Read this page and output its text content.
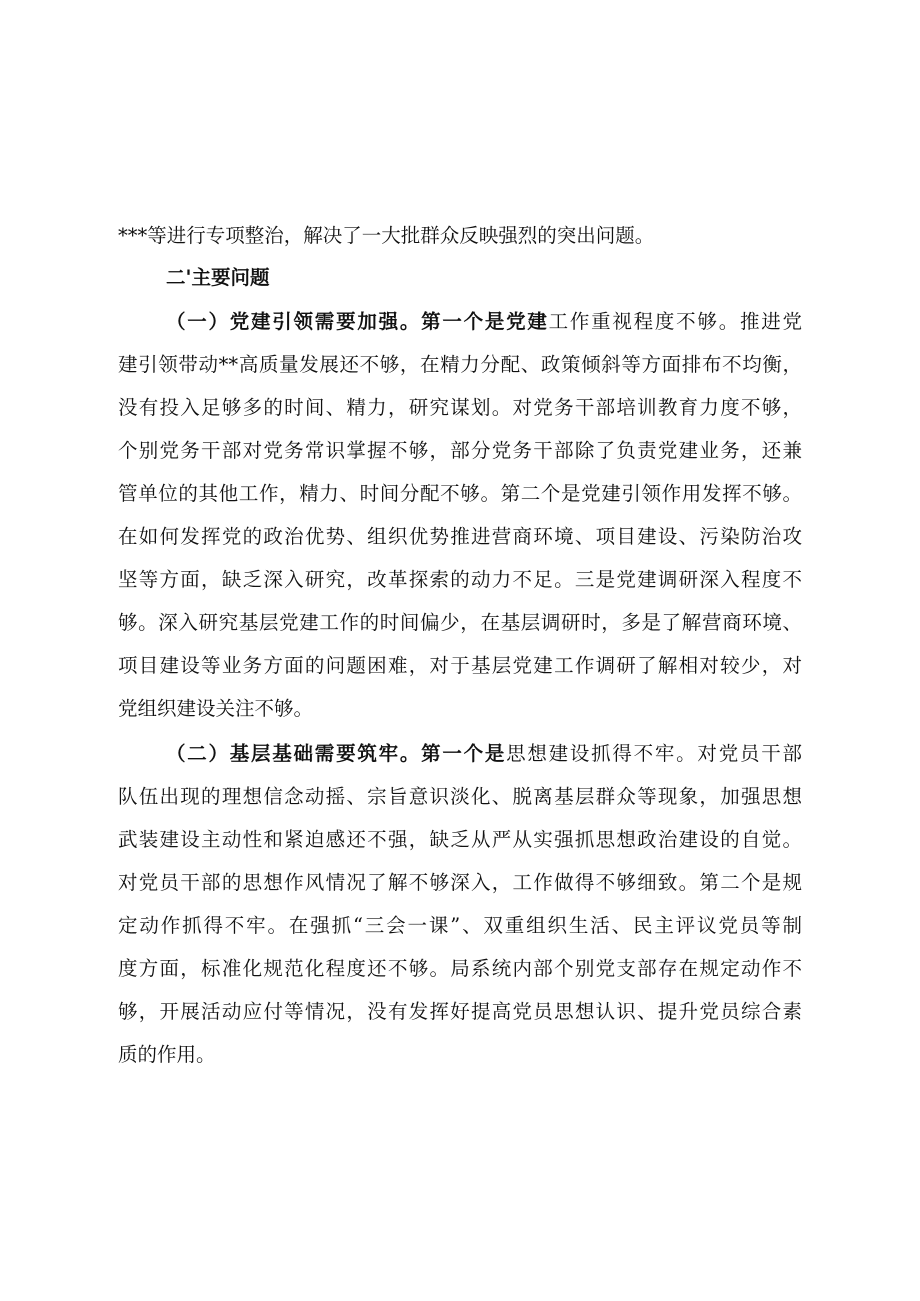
***等进行专项整治，解决了一大批群众反映强烈的突出问题。
二'主要问题
（一）党建引领需要加强。第一个是党建工作重视程度不够。推进党
建引领带动**高质量发展还不够，在精力分配、政策倾斜等方面排布不均衡，
没有投入足够多的时间、精力，研究谋划。对党务干部培训教育力度不够，
个别党务干部对党务常识掌握不够，部分党务干部除了负责党建业务，还兼
管单位的其他工作，精力、时间分配不够。第二个是党建引领作用发挥不够。
在如何发挥党的政治优势、组织优势推进营商环境、项目建设、污染防治攻
坚等方面，缺乏深入研究，改革探索的动力不足。三是党建调研深入程度不
够。深入研究基层党建工作的时间偏少，在基层调研时，多是了解营商环境、
项目建设等业务方面的问题困难，对于基层党建工作调研了解相对较少，对
党组织建设关注不够。
（二）基层基础需要筑牢。第一个是思想建设抓得不牢。对党员干部
队伍出现的理想信念动摇、宗旨意识淡化、脱离基层群众等现象，加强思想
武装建设主动性和紧迫感还不强，缺乏从严从实强抓思想政治建设的自觉。
对党员干部的思想作风情况了解不够深入，工作做得不够细致。第二个是规
定动作抓得不牢。在强抓“三会一课”、双重组织生活、民主评议党员等制
度方面，标准化规范化程度还不够。局系统内部个别党支部存在规定动作不
够，开展活动应付等情况，没有发挥好提高党员思想认识、提升党员综合素
质的作用。
